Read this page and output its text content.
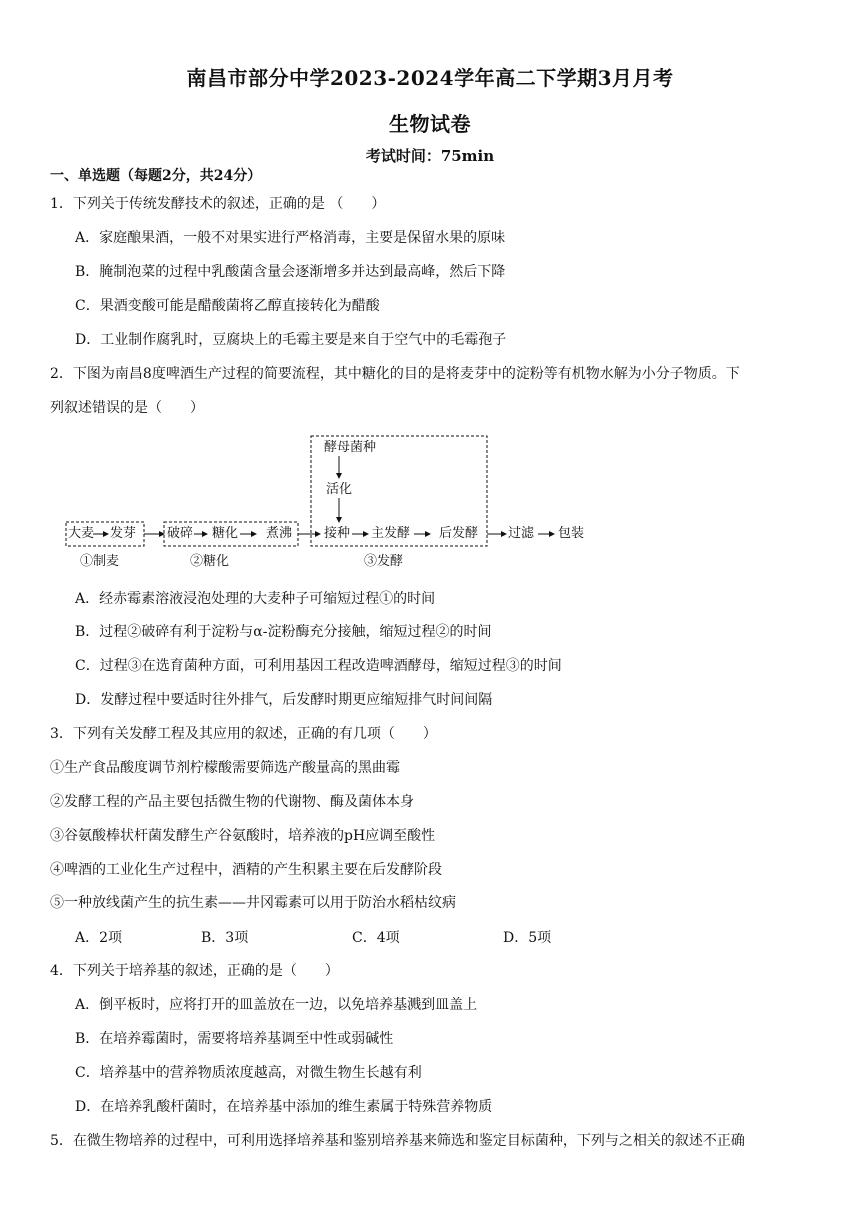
南昌市部分中学2023-2024学年高二下学期3月月考
生物试卷
考试时间：75min
一、单选题（每题2分，共24分）
1．下列关于传统发酵技术的叙述，正确的是 （　　）
A．家庭酿果酒，一般不对果实进行严格消毒，主要是保留水果的原味
B．腌制泡菜的过程中乳酸菌含量会逐渐增多并达到最高峰，然后下降
C．果酒变酸可能是醋酸菌将乙醇直接转化为醋酸
D．工业制作腐乳时，豆腐块上的毛霉主要是来自于空气中的毛霉孢子
2．下图为南昌8度啤酒生产过程的简要流程，其中糖化的目的是将麦芽中的淀粉等有机物水解为小分子物质。下
列叙述错误的是（　　）
大麦 发芽 破碎 糖化 煮沸 接种 主发酵 后发酵 过滤 包装
酵母菌种
活化
①制麦	②糖化	③发酵
A．经赤霉素溶液浸泡处理的大麦种子可缩短过程①的时间
B．过程②破碎有利于淀粉与α-淀粉酶充分接触，缩短过程②的时间
C．过程③在选育菌种方面，可利用基因工程改造啤酒酵母，缩短过程③的时间
D．发酵过程中要适时往外排气，后发酵时期更应缩短排气时间间隔
3．下列有关发酵工程及其应用的叙述，正确的有几项（　　）
①生产食品酸度调节剂柠檬酸需要筛选产酸量高的黑曲霉
②发酵工程的产品主要包括微生物的代谢物、酶及菌体本身
③谷氨酸棒状杆菌发酵生产谷氨酸时，培养液的pH应调至酸性
④啤酒的工业化生产过程中，酒精的产生积累主要在后发酵阶段
⑤一种放线菌产生的抗生素——井冈霉素可以用于防治水稻枯纹病
A．2项	B．3项	C．4项	D．5项
4．下列关于培养基的叙述，正确的是（　　）
A．倒平板时，应将打开的皿盖放在一边，以免培养基溅到皿盖上
B．在培养霉菌时，需要将培养基调至中性或弱碱性
C．培养基中的营养物质浓度越高，对微生物生长越有利
D．在培养乳酸杆菌时，在培养基中添加的维生素属于特殊营养物质
5．在微生物培养的过程中，可利用选择培养基和鉴别培养基来筛选和鉴定目标菌种，下列与之相关的叙述不正确
